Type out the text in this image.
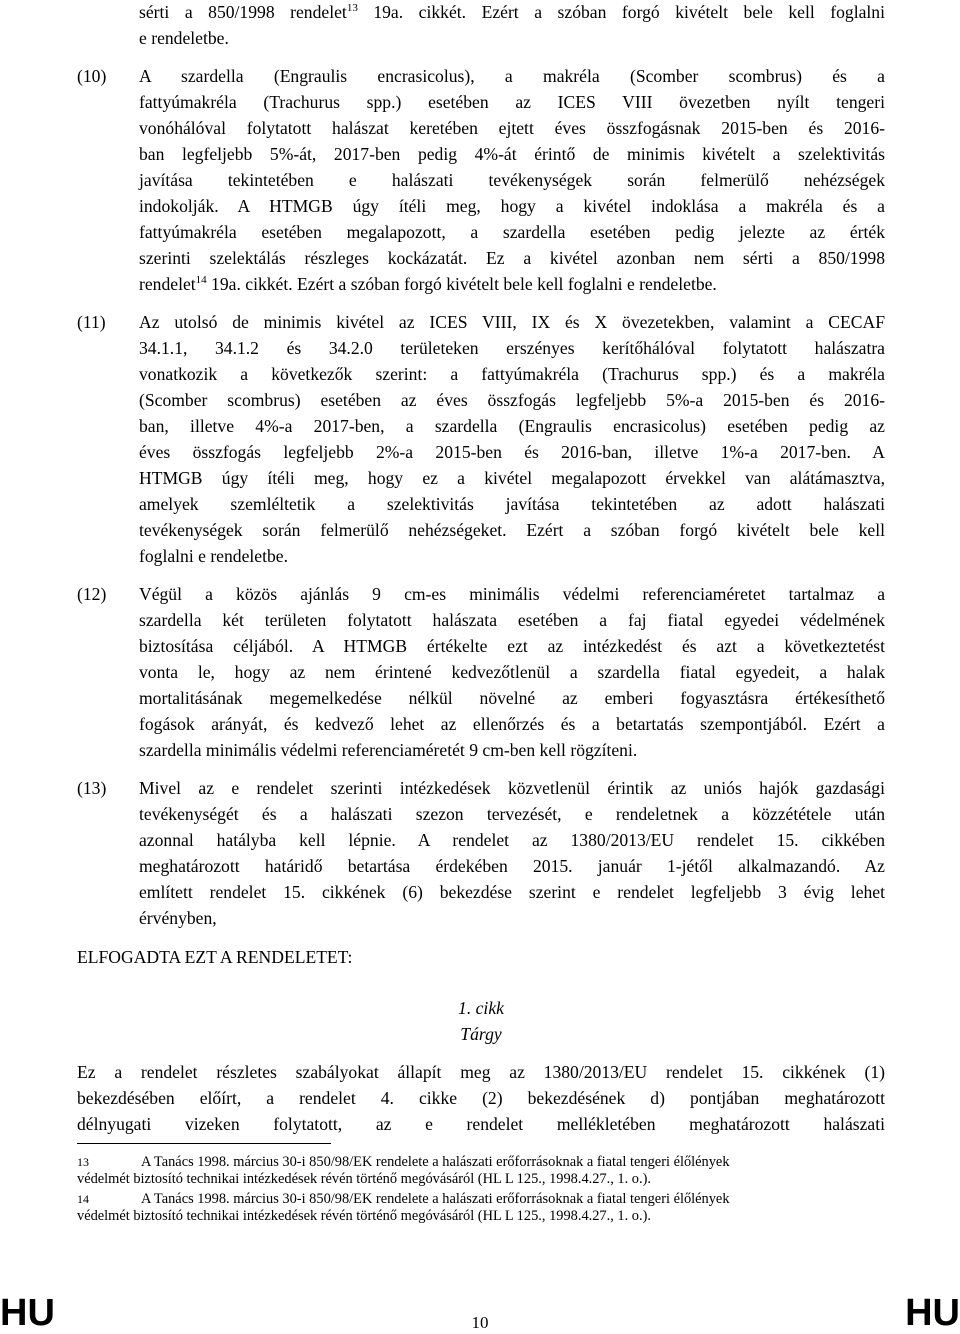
sérti a 850/1998 rendelet$^{13}$ 19a. cikkét. Ezért a szóban forgó kivételt bele kell foglalni
e rendeletbe.
(10) A szardella (Engraulis encrasicolus), a makréla (Scomber scombrus) és a
fattyúmakréla (Trachurus spp.) esetében az ICES VIII övezetben nyílt tengeri
vonóhálóval folytatott halászat keretében ejtett éves összfogásnak 2015-ben és 2016-
ban legfeljebb 5%-át, 2017-ben pedig 4%-át érintő de minimis kivételt a szelektivitás
javítása tekintetében e halászati tevékenységek során felmerülő nehézségek
indokolják. A HTMGB úgy ítéli meg, hogy a kivétel indoklása a makréla és a
fattyúmakréla esetében megalapozott, a szardella esetében pedig jelezte az érték
szerinti szelektálás részleges kockázatát. Ez a kivétel azonban nem sérti a 850/1998
rendelet$^{14}$ 19a. cikkét. Ezért a szóban forgó kivételt bele kell foglalni e rendeletbe.
(11) Az utolsó de minimis kivétel az ICES VIII, IX és X övezetekben, valamint a CECAF
34.1.1, 34.1.2 és 34.2.0 területeken erszényes kerítőhálóval folytatott halászatra
vonatkozik a következők szerint: a fattyúmakréla (Trachurus spp.) és a makréla
(Scomber scombrus) esetében az éves összfogás legfeljebb 5%-a 2015-ben és 2016-
ban, illetve 4%-a 2017-ben, a szardella (Engraulis encrasicolus) esetében pedig az
éves összfogás legfeljebb 2%-a 2015-ben és 2016-ban, illetve 1%-a 2017-ben. A
HTMGB úgy ítéli meg, hogy ez a kivétel megalapozott érvekkel van alátámasztva,
amelyek szemléltetik a szelektivitás javítása tekintetében az adott halászati
tevékenységek során felmerülő nehézségeket. Ezért a szóban forgó kivételt bele kell
foglalni e rendeletbe.
(12) Végül a közös ajánlás 9 cm-es minimális védelmi referenciaméretet tartalmaz a
szardella két területen folytatott halászata esetében a faj fiatal egyedei védelmének
biztosítása céljából. A HTMGB értékelte ezt az intézkedést és azt a következtetést
vonta le, hogy az nem érintené kedvezőtlenül a szardella fiatal egyedeit, a halak
mortalitásának megemelkedése nélkül növelné az emberi fogyasztásra értékesíthető
fogások arányát, és kedvező lehet az ellenőrzés és a betartatás szempontjából. Ezért a
szardella minimális védelmi referenciaméretét 9 cm-ben kell rögzíteni.
(13) Mivel az e rendelet szerinti intézkedések közvetlenül érintik az uniós hajók gazdasági
tevékenységét és a halászati szezon tervezését, e rendeletnek a közzététele után
azonnal hatályba kell lépnie. A rendelet az 1380/2013/EU rendelet 15. cikkében
meghatározott határidő betartása érdekében 2015. január 1-jétől alkalmazandó. Az
említett rendelet 15. cikkének (6) bekezdése szerint e rendelet legfeljebb 3 évig lehet
érvényben,
ELFOGADTA EZT A RENDELETET:
1. cikk
Tárgy
Ez a rendelet részletes szabályokat állapít meg az 1380/2013/EU rendelet 15. cikkének (1)
bekezdésében előírt, a rendelet 4. cikke (2) bekezdésének d) pontjában meghatározott
délnyugati vizeken folytatott, az e rendelet mellékletében meghatározott halászati
13	A Tanács 1998. március 30-i 850/98/EK rendelete a halászati erőforrásoknak a fiatal tengeri élőlények
védelmét biztosító technikai intézkedések révén történő megóvásáról (HL L 125., 1998.4.27., 1. o.).
14	A Tanács 1998. március 30-i 850/98/EK rendelete a halászati erőforrásoknak a fiatal tengeri élőlények
védelmét biztosító technikai intézkedések révén történő megóvásáról (HL L 125., 1998.4.27., 1. o.).
HU	10	HU
